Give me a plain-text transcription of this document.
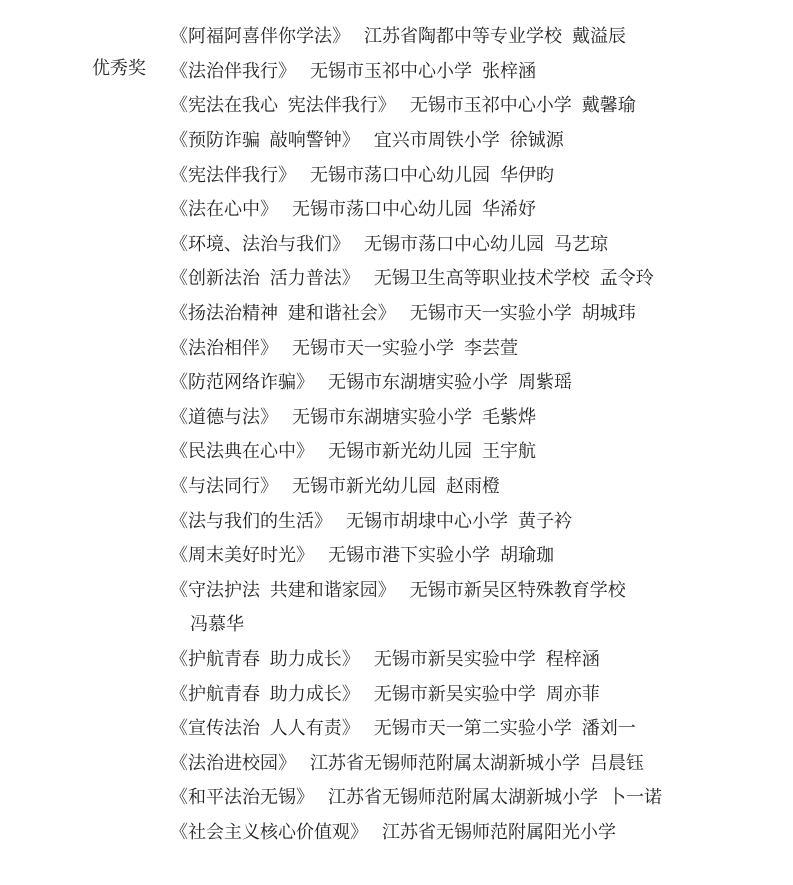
优秀奖
《阿福阿喜伴你学法》 江苏省陶都中等专业学校 戴溢辰
《法治伴我行》 无锡市玉祁中心小学 张梓涵
《宪法在我心 宪法伴我行》 无锡市玉祁中心小学 戴馨瑜
《预防诈骗 敲响警钟》 宜兴市周铁小学 徐铖源
《宪法伴我行》 无锡市荡口中心幼儿园 华伊昀
《法在心中》 无锡市荡口中心幼儿园 华浠妤
《环境、法治与我们》 无锡市荡口中心幼儿园 马艺琼
《创新法治 活力普法》 无锡卫生高等职业技术学校 孟令玲
《扬法治精神 建和谐社会》 无锡市天一实验小学 胡城玮
《法治相伴》 无锡市天一实验小学 李芸萱
《防范网络诈骗》 无锡市东湖塘实验小学 周紫瑶
《道德与法》 无锡市东湖塘实验小学 毛紫烨
《民法典在心中》 无锡市新光幼儿园 王宇航
《与法同行》 无锡市新光幼儿园 赵雨橙
《法与我们的生活》 无锡市胡埭中心小学 黄子衿
《周末美好时光》 无锡市港下实验小学 胡瑜珈
《守法护法 共建和谐家园》 无锡市新吴区特殊教育学校
冯慕华
《护航青春 助力成长》 无锡市新吴实验中学 程梓涵
《护航青春 助力成长》 无锡市新吴实验中学 周亦菲
《宣传法治 人人有责》 无锡市天一第二实验小学 潘刘一
《法治进校园》 江苏省无锡师范附属太湖新城小学 吕晨钰
《和平法治无锡》 江苏省无锡师范附属太湖新城小学 卜一诺
《社会主义核心价值观》 江苏省无锡师范附属阳光小学
